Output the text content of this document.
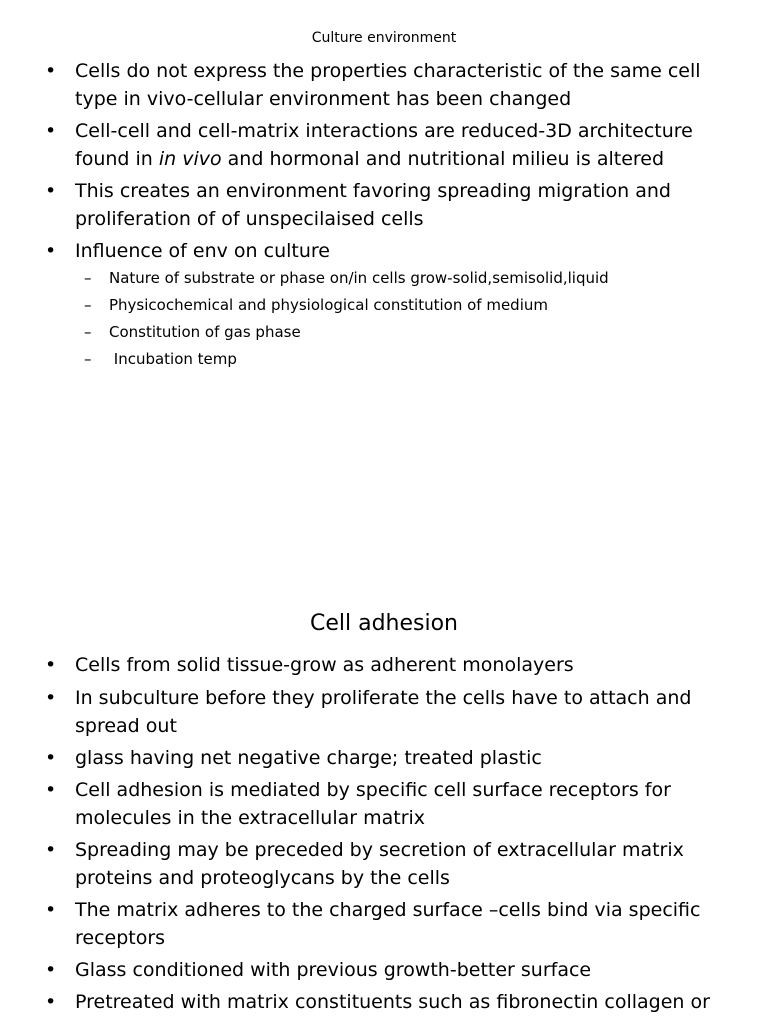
Culture environment
• Cells do not express the properties characteristic of the same cell type in vivo-cellular environment has been changed
• Cell-cell and cell-matrix interactions are reduced-3D architecture found in in vivo and hormonal and nutritional milieu is altered
• This creates an environment favoring spreading migration and proliferation of of unspecilaised cells
• Influence of env on culture
– Nature of substrate or phase on/in cells grow-solid,semisolid,liquid
– Physicochemical and physiological constitution of medium
– Constitution of gas phase
– Incubation temp
Cell adhesion
• Cells from solid tissue-grow as adherent monolayers
• In subculture before they proliferate the cells have to attach and spread out
• glass having net negative charge; treated plastic
• Cell adhesion is mediated by specific cell surface receptors for molecules in the extracellular matrix
• Spreading may be preceded by secretion of extracellular matrix proteins and proteoglycans by the cells
• The matrix adheres to the charged surface –cells bind via specific receptors
• Glass conditioned with previous growth-better surface
• Pretreated with matrix constituents such as fibronectin collagen or
